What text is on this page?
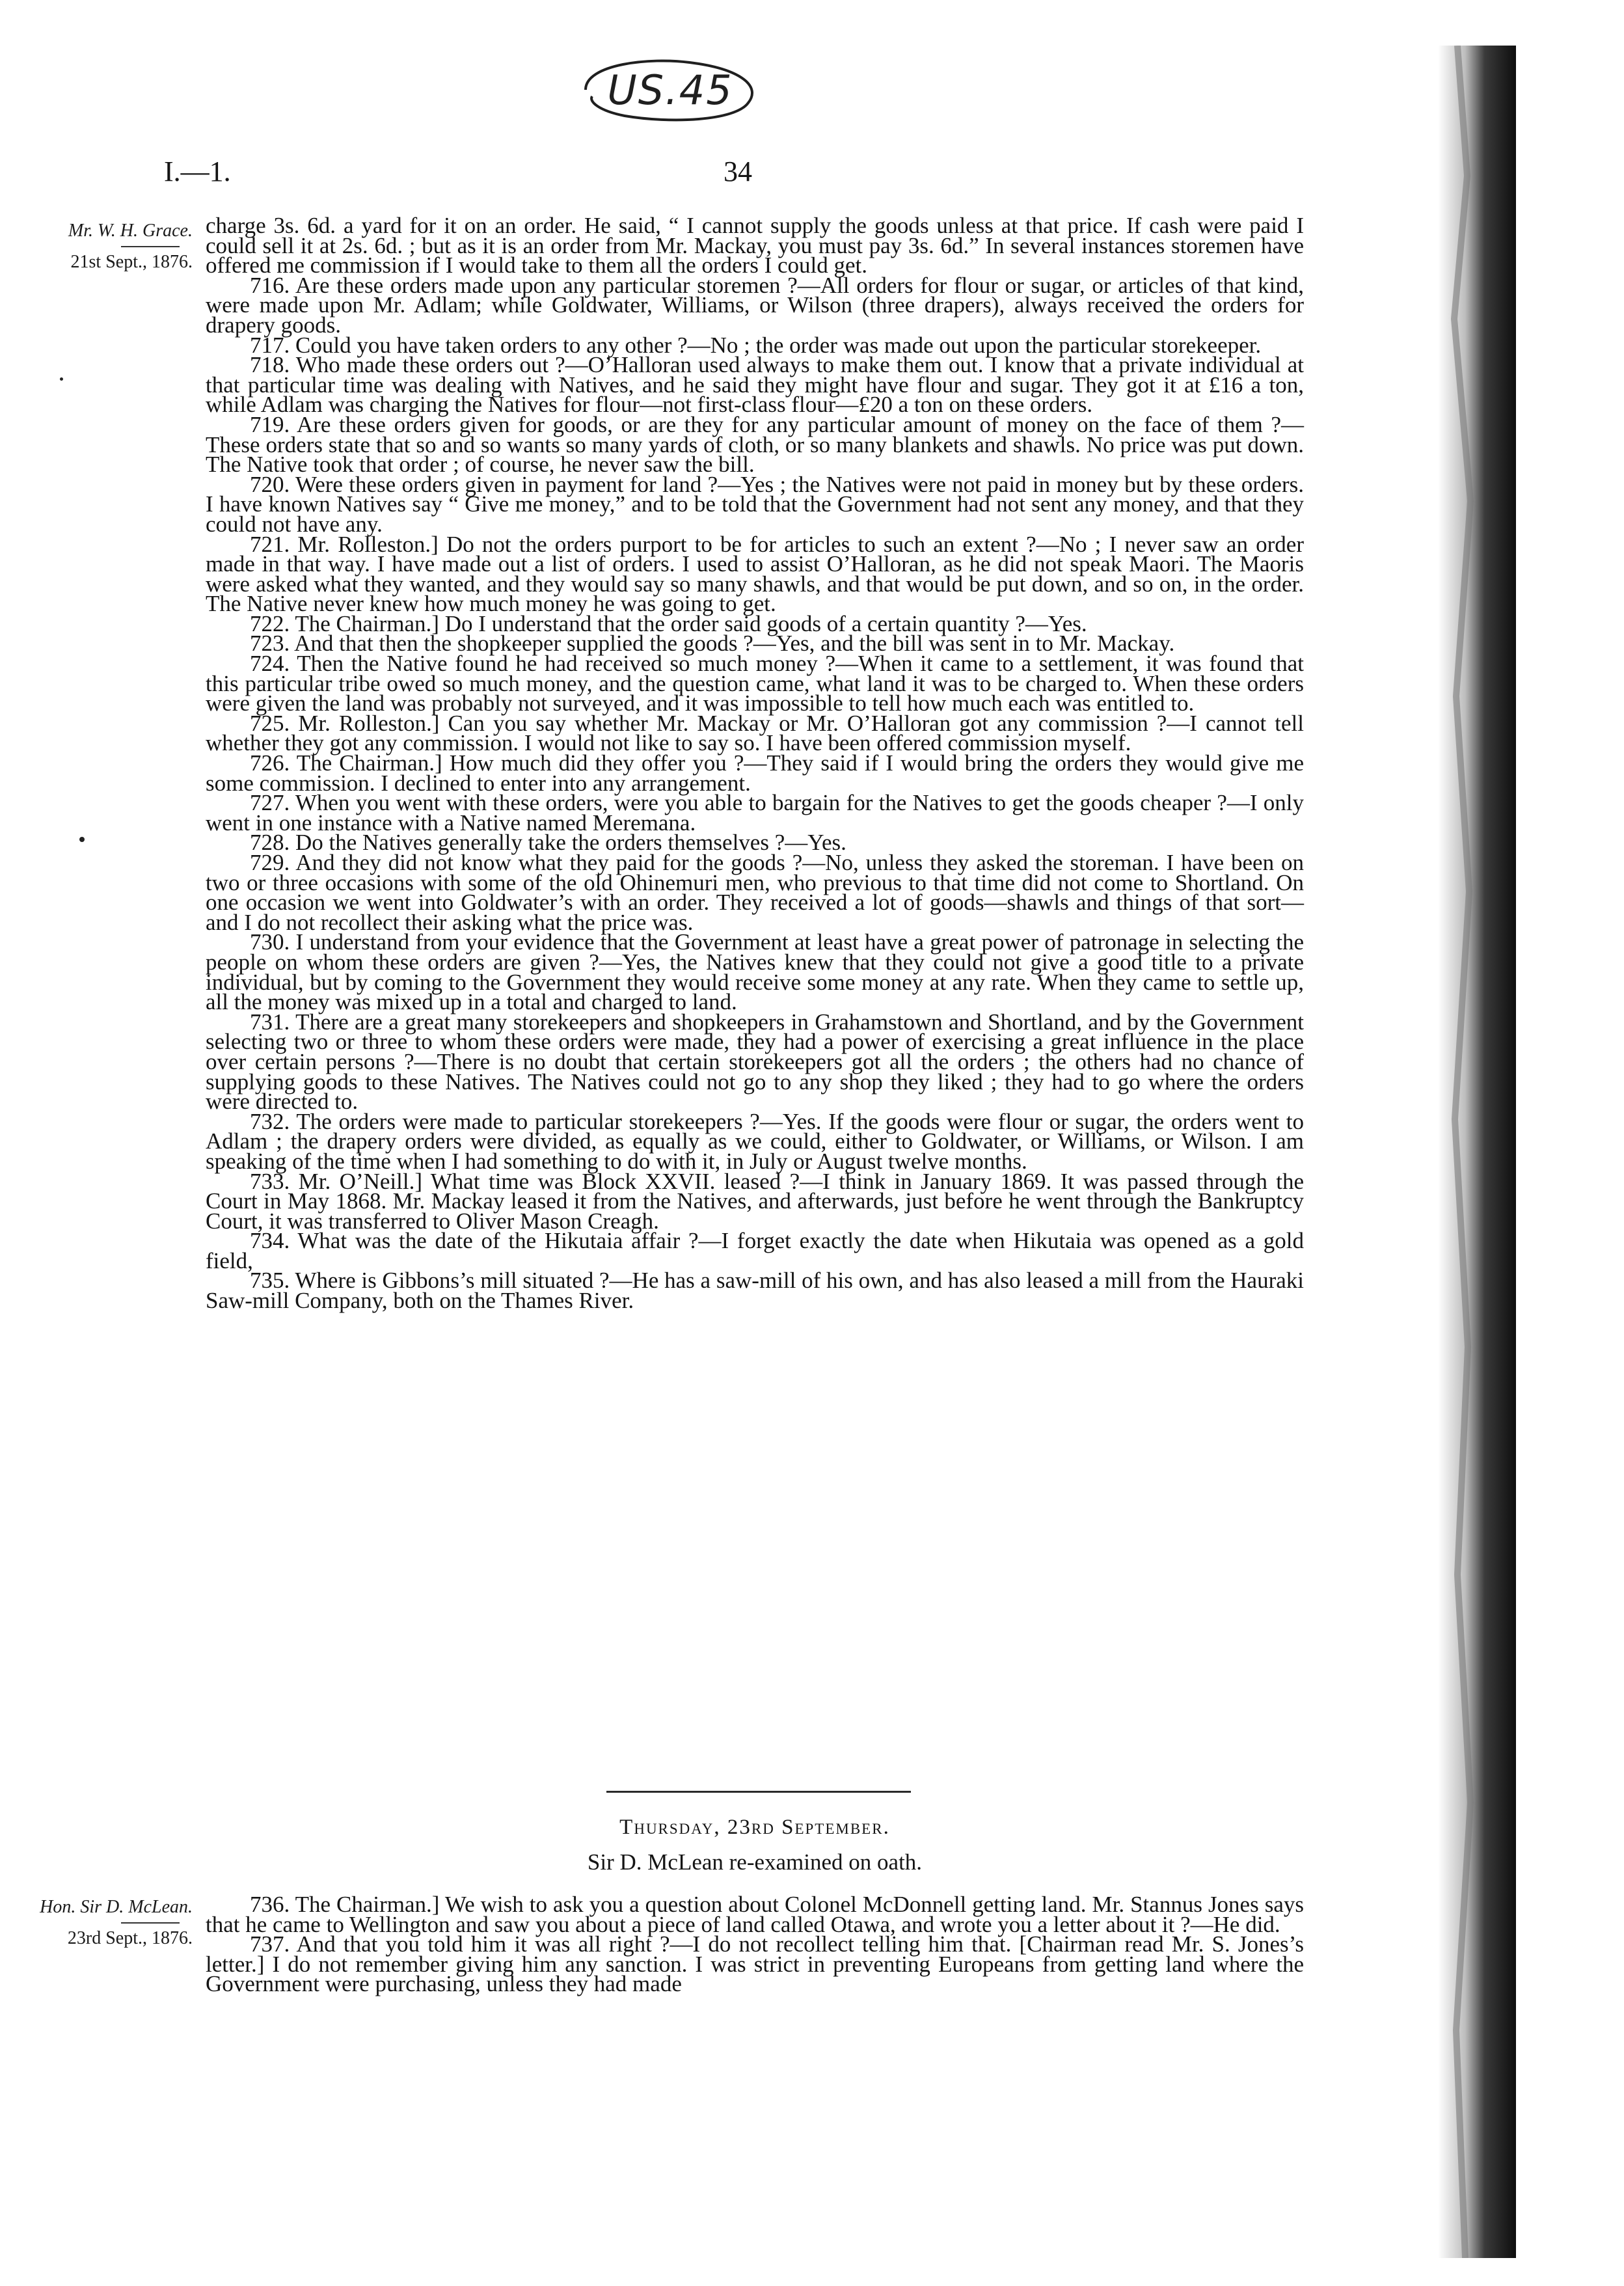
US.45
I.—1.	34
Mr. W. H. Grace.
21st Sept., 1876.

charge 3s. 6d. a yard for it on an order. He said, “ I cannot supply the goods unless at that price. If cash were paid I could sell it at 2s. 6d. ; but as it is an order from Mr. Mackay, you must pay 3s. 6d.” In several instances storemen have offered me commission if I would take to them all the orders I could get.

716. Are these orders made upon any particular storemen ?—All orders for flour or sugar, or articles of that kind, were made upon Mr. Adlam; while Goldwater, Williams, or Wilson (three drapers), always received the orders for drapery goods.

717. Could you have taken orders to any other ?—No ; the order was made out upon the particular storekeeper.

718. Who made these orders out ?—O’Halloran used always to make them out. I know that a private individual at that particular time was dealing with Natives, and he said they might have flour and sugar. They got it at £16 a ton, while Adlam was charging the Natives for flour—not first-class flour—£20 a ton on these orders.

719. Are these orders given for goods, or are they for any particular amount of money on the face of them ?—These orders state that so and so wants so many yards of cloth, or so many blankets and shawls. No price was put down. The Native took that order ; of course, he never saw the bill.

720. Were these orders given in payment for land ?—Yes ; the Natives were not paid in money but by these orders. I have known Natives say “ Give me money,” and to be told that the Government had not sent any money, and that they could not have any.

721. Mr. Rolleston.] Do not the orders purport to be for articles to such an extent ?—No ; I never saw an order made in that way. I have made out a list of orders. I used to assist O’Halloran, as he did not speak Maori. The Maoris were asked what they wanted, and they would say so many shawls, and that would be put down, and so on, in the order. The Native never knew how much money he was going to get.

722. The Chairman.] Do I understand that the order said goods of a certain quantity ?—Yes.

723. And that then the shopkeeper supplied the goods ?—Yes, and the bill was sent in to Mr. Mackay.

724. Then the Native found he had received so much money ?—When it came to a settlement, it was found that this particular tribe owed so much money, and the question came, what land it was to be charged to. When these orders were given the land was probably not surveyed, and it was impossible to tell how much each was entitled to.

725. Mr. Rolleston.] Can you say whether Mr. Mackay or Mr. O’Halloran got any commission ?—I cannot tell whether they got any commission. I would not like to say so. I have been offered commission myself.

726. The Chairman.] How much did they offer you ?—They said if I would bring the orders they would give me some commission. I declined to enter into any arrangement.

727. When you went with these orders, were you able to bargain for the Natives to get the goods cheaper ?—I only went in one instance with a Native named Meremana.

728. Do the Natives generally take the orders themselves ?—Yes.

729. And they did not know what they paid for the goods ?—No, unless they asked the storeman. I have been on two or three occasions with some of the old Ohinemuri men, who previous to that time did not come to Shortland. On one occasion we went into Goldwater’s with an order. They received a lot of goods—shawls and things of that sort—and I do not recollect their asking what the price was.

730. I understand from your evidence that the Government at least have a great power of patronage in selecting the people on whom these orders are given ?—Yes, the Natives knew that they could not give a good title to a private individual, but by coming to the Government they would receive some money at any rate. When they came to settle up, all the money was mixed up in a total and charged to land.

731. There are a great many storekeepers and shopkeepers in Grahamstown and Shortland, and by the Government selecting two or three to whom these orders were made, they had a power of exercising a great influence in the place over certain persons ?—There is no doubt that certain storekeepers got all the orders ; the others had no chance of supplying goods to these Natives. The Natives could not go to any shop they liked ; they had to go where the orders were directed to.

732. The orders were made to particular storekeepers ?—Yes. If the goods were flour or sugar, the orders went to Adlam ; the drapery orders were divided, as equally as we could, either to Goldwater, or Williams, or Wilson. I am speaking of the time when I had something to do with it, in July or August twelve months.

733. Mr. O’Neill.] What time was Block XXVII. leased ?—I think in January 1869. It was passed through the Court in May 1868. Mr. Mackay leased it from the Natives, and afterwards, just before he went through the Bankruptcy Court, it was transferred to Oliver Mason Creagh.

734. What was the date of the Hikutaia affair ?—I forget exactly the date when Hikutaia was opened as a gold field,

735. Where is Gibbons’s mill situated ?—He has a saw-mill of his own, and has also leased a mill from the Hauraki Saw-mill Company, both on the Thames River.

Thursday, 23rd September.
Sir D. McLean re-examined on oath.
Hon. Sir D. McLean.
23rd Sept., 1876.

736. The Chairman.] We wish to ask you a question about Colonel McDonnell getting land. Mr. Stannus Jones says that he came to Wellington and saw you about a piece of land called Otawa, and wrote you a letter about it ?—He did.

737. And that you told him it was all right ?—I do not recollect telling him that. [Chairman read Mr. S. Jones’s letter.] I do not remember giving him any sanction. I was strict in preventing Europeans from getting land where the Government were purchasing, unless they had made
